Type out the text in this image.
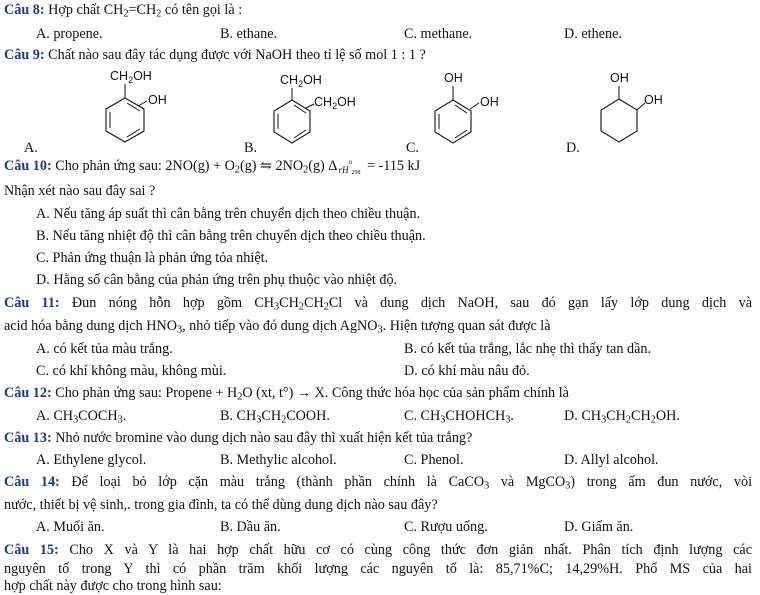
Câu 8: Hợp chất $CH_2=CH_2$ có tên gọi là :
A. propene.	B. ethane.	C. methane.	D. ethene.
Câu 9: Chất nào sau đây tác dụng được với NaOH theo tỉ lệ số mol 1 : 1 ?
A.
$CH_2OH$
OH
B.
$CH_2OH$
$CH_2OH$
C.
OH
OH
D.
OH
OH
Câu 10: Cho phản ứng sau: $2NO(g) + O_2(g)$ ⇋ $2NO_2(g)$ Δ rH
o
298 = -115 kJ
Nhận xét nào sau đây sai ?
A. Nếu tăng áp suất thì cân bằng trên chuyển dịch theo chiều thuận.
B. Nếu tăng nhiệt độ thì cân bằng trên chuyển dịch theo chiều thuận.
C. Phản ứng thuận là phản ứng tỏa nhiệt.
D. Hằng số cân bằng của phản ứng trên phụ thuộc vào nhiệt độ.
Câu 11: Đun nóng hỗn hợp gồm $CH_3CH_2CH_2Cl$ và dung dịch NaOH, sau đó gạn lấy lớp dung dịch và
acid hóa bằng dung dịch $HNO_3$, nhỏ tiếp vào đó dung dịch AgNO$_3$. Hiện tượng quan sát được là
A. có kết tủa màu trắng.	B. có kết tủa trắng, lắc nhẹ thì thấy tan dần.
C. có khí không màu, không mùi.	D. có khí màu nâu đỏ.
Câu 12: Cho phản ứng sau: Propene + $H_2O$ (xt, t°) → X. Công thức hóa học của sản phẩm chính là
A. $CH_3COCH_3$.	B. $CH_3CH_2COOH$.	C. $CH_3CHOHCH_3$.	D. $CH_3CH_2CH_2OH$.
Câu 13: Nhỏ nước bromine vào dung dịch nào sau đây thì xuất hiện kết tủa trắng?
A. Ethylene glycol.	B. Methylic alcohol.	C. Phenol.	D. Allyl alcohol.
Câu 14: Để loại bỏ lớp cặn màu trắng (thành phần chính là CaCO$_3$ và MgCO$_3$) trong ấm đun nước, vòi
nước, thiết bị vệ sinh,. trong gia đình, ta có thể dùng dung dịch nào sau đây?
A. Muối ăn.	B. Dầu ăn.	C. Rượu uống.	D. Giấm ăn.
Câu 15: Cho X và Y là hai hợp chất hữu cơ có cùng công thức đơn giản nhất. Phân tích định lượng các
nguyên tố trong Y thì có phần trăm khối lượng các nguyên tố là: 85,71%C; 14,29%H. Phổ MS của hai
hợp chất này được cho trong hình sau:
